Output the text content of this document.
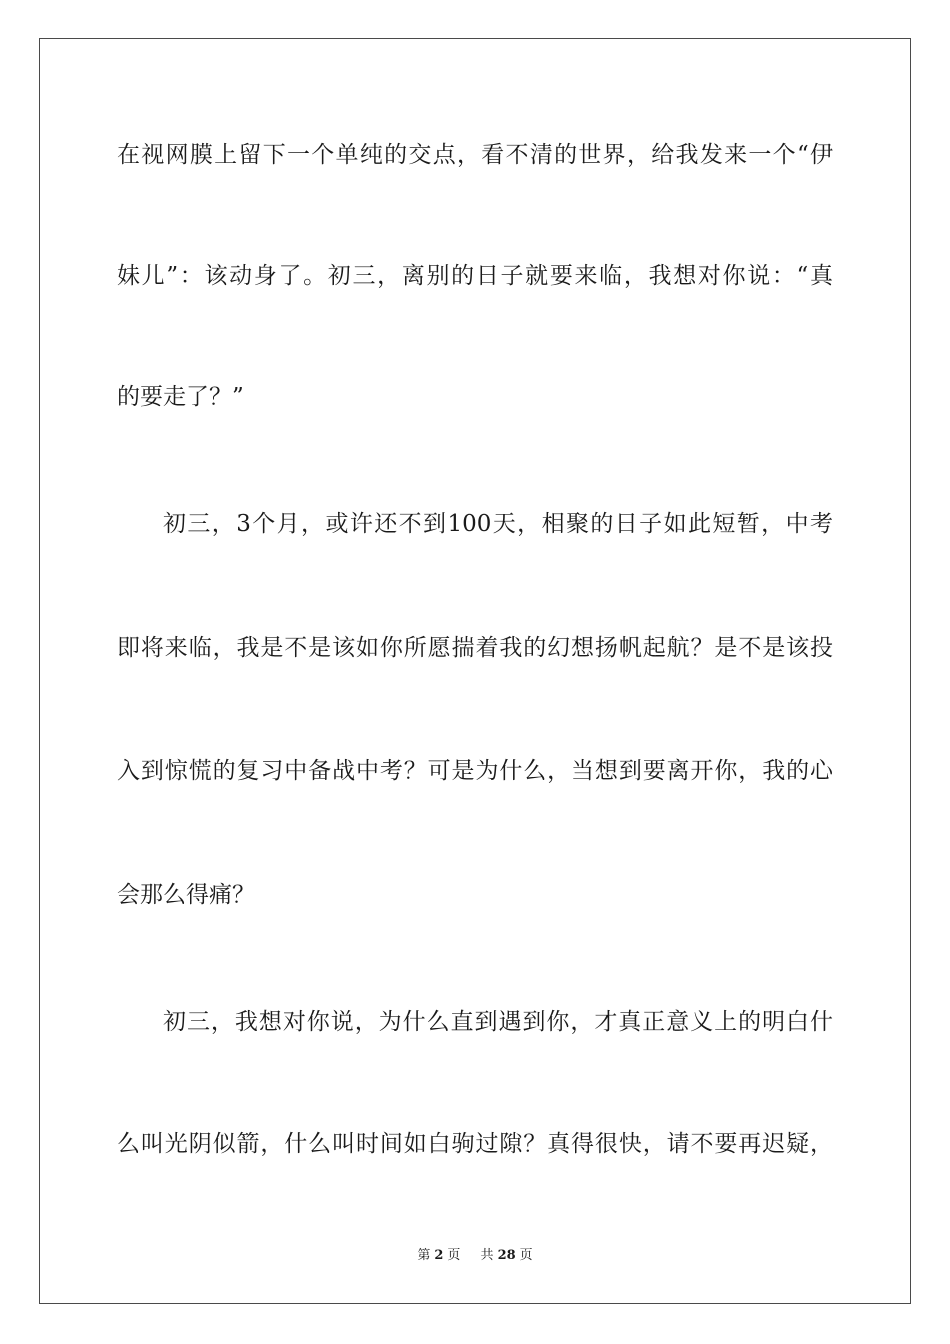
在视网膜上留下一个单纯的交点，看不清的世界，给我发来一个“伊
妹儿”：该动身了。初三，离别的日子就要来临，我想对你说：“真
的要走了？”
初三，3个月，或许还不到100天，相聚的日子如此短暂，中考
即将来临，我是不是该如你所愿揣着我的幻想扬帆起航？是不是该投
入到惊慌的复习中备战中考？可是为什么，当想到要离开你，我的心
会那么得痛？
初三，我想对你说，为什么直到遇到你，才真正意义上的明白什
么叫光阴似箭，什么叫时间如白驹过隙？真得很快，请不要再迟疑，
第 2 页 共 28 页
